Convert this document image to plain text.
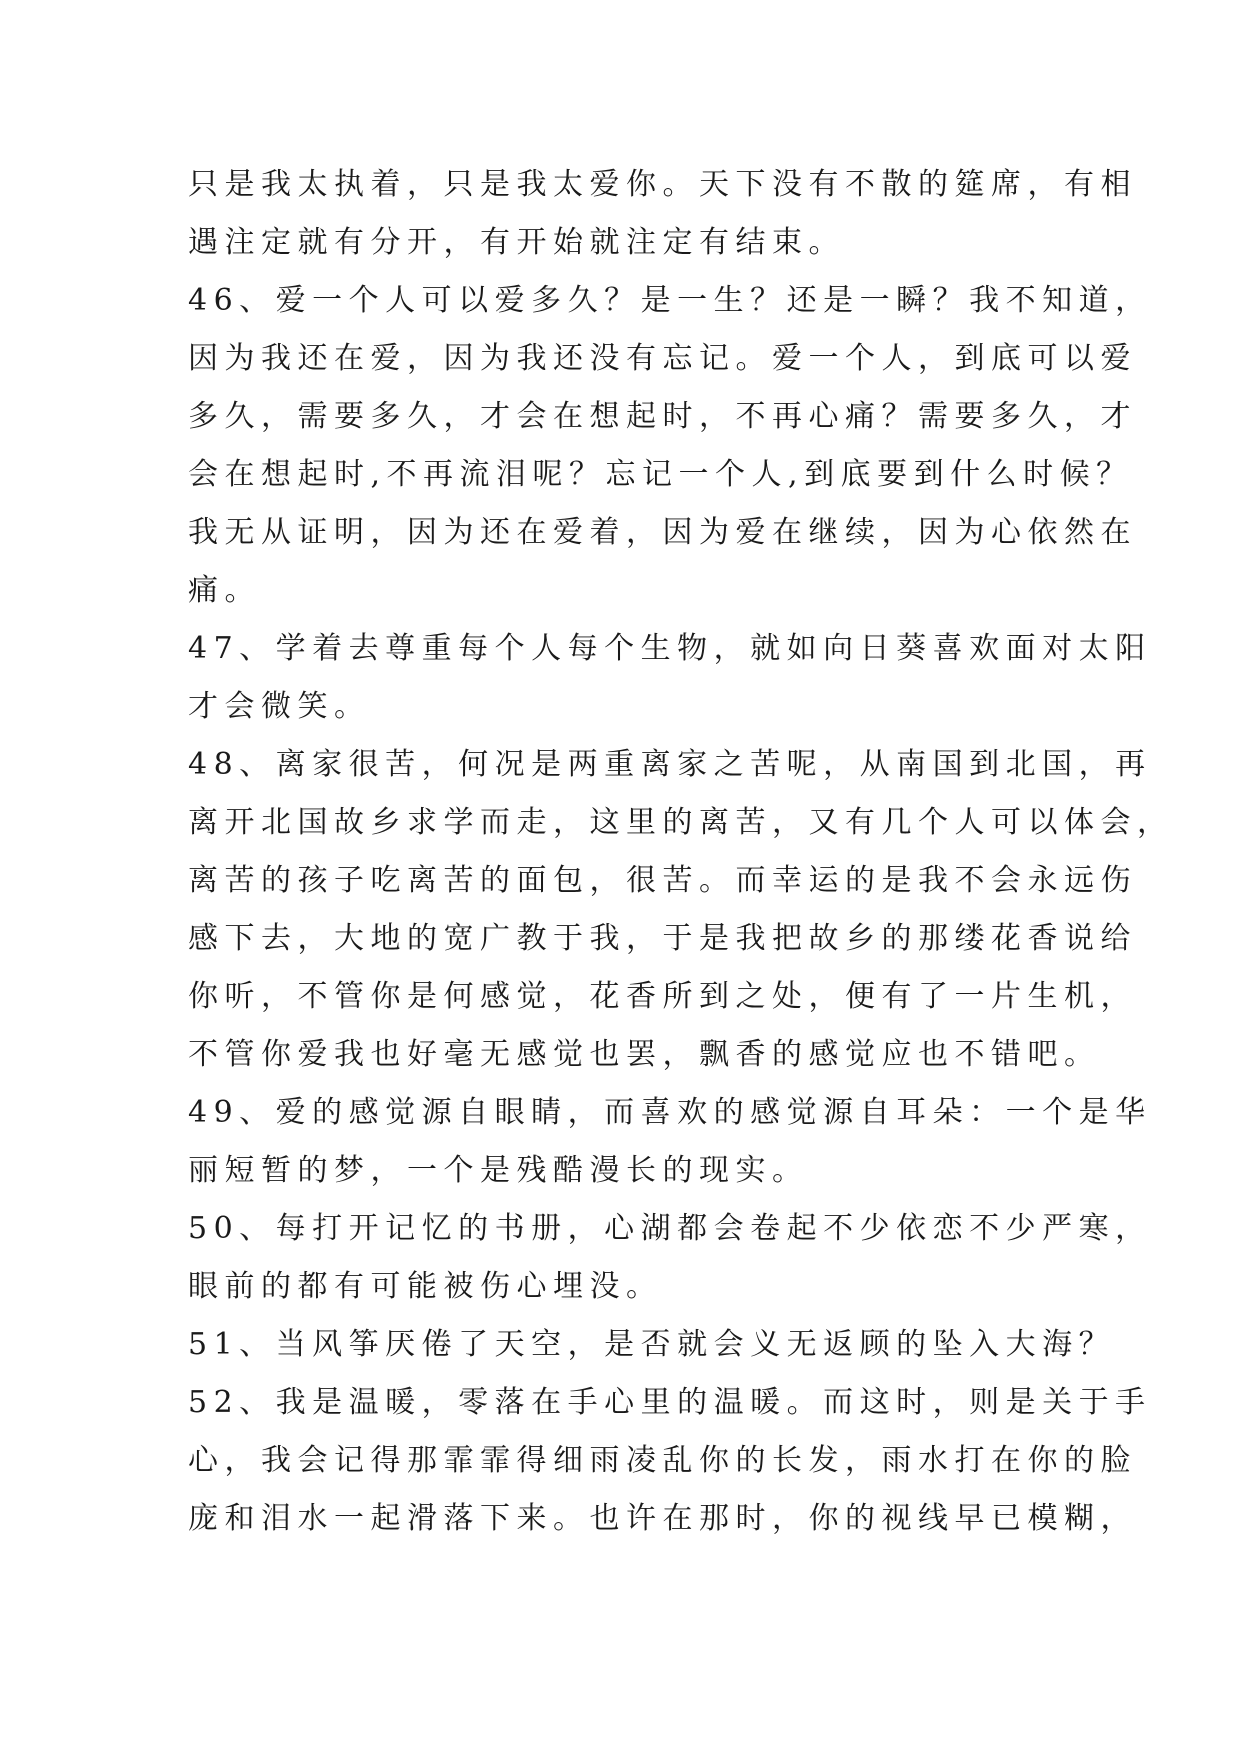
只是我太执着，只是我太爱你。天下没有不散的筵席，有相
遇注定就有分开，有开始就注定有结束。
46、爱一个人可以爱多久？是一生？还是一瞬？我不知道，
因为我还在爱，因为我还没有忘记。爱一个人，到底可以爱
多久，需要多久，才会在想起时，不再心痛？需要多久，才
会在想起时,不再流泪呢？忘记一个人,到底要到什么时候？
我无从证明，因为还在爱着，因为爱在继续，因为心依然在
痛。
47、学着去尊重每个人每个生物，就如向日葵喜欢面对太阳
才会微笑。
48、离家很苦，何况是两重离家之苦呢，从南国到北国，再
离开北国故乡求学而走，这里的离苦，又有几个人可以体会，
离苦的孩子吃离苦的面包，很苦。而幸运的是我不会永远伤
感下去，大地的宽广教于我，于是我把故乡的那缕花香说给
你听，不管你是何感觉，花香所到之处，便有了一片生机，
不管你爱我也好毫无感觉也罢，飘香的感觉应也不错吧。
49、爱的感觉源自眼睛，而喜欢的感觉源自耳朵：一个是华
丽短暂的梦，一个是残酷漫长的现实。
50、每打开记忆的书册，心湖都会卷起不少依恋不少严寒，
眼前的都有可能被伤心埋没。
51、当风筝厌倦了天空，是否就会义无返顾的坠入大海？
52、我是温暖，零落在手心里的温暖。而这时，则是关于手
心，我会记得那霏霏得细雨凌乱你的长发，雨水打在你的脸
庞和泪水一起滑落下来。也许在那时，你的视线早已模糊，
